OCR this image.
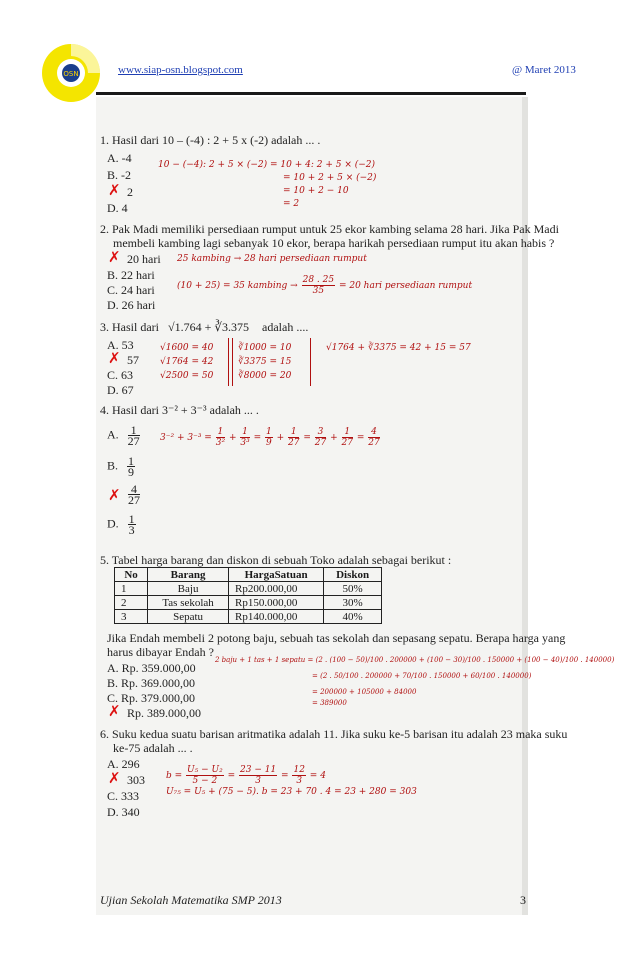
OSN	www.siap-osn.blogspot.com	@ Maret 2013
1. Hasil dari 10 – (-4) : 2 + 5 x (-2) adalah ... .
A. -4
B. -2
✗ 2
D. 4
10 − (−4): 2 + 5 × (−2) = 10 + 4: 2 + 5 × (−2)
= 10 + 2 + 5 × (−2)
= 10 + 2 − 10
= 2
2. Pak Madi memiliki persediaan rumput untuk 25 ekor kambing selama 28 hari. Jika Pak Madi
membeli kambing lagi sebanyak 10 ekor, berapa harikah persediaan rumput itu akan habis ?
✗ 20 hari
B. 22 hari
C. 24 hari
D. 26 hari
25 kambing → 28 hari persediaan rumput
(10 + 25) = 35 kambing → $\frac{28 . 25}{35} = 20$ hari persediaan rumput
3. Hasil dari √1.764 + ∛3.375 adalah ....
A. 53
✗ 57
C. 63
D. 67
√1600 = 40
√1764 = 42
√2500 = 50
∛1000 = 10
∛3375 = 15
∛8000 = 20
√1764 + ∛3375 = 42 + 15 = 57
4. Hasil dari 3⁻² + 3⁻³ adalah ... .
A. $\frac{1}{27}$
B. $\frac{1}{9}$
✗ $\frac{4}{27}$
D. $\frac{1}{3}$
$3^{-2} + 3^{-3} = \frac{1}{\text{3²}} + \frac{1}{\text{3³}} = \frac{1}{9} + \frac{1}{27} = \frac{3}{27} + \frac{1}{27} = \frac{4}{27}$
5. Tabel harga barang dan diskon di sebuah Toko adalah sebagai berikut :
No	Barang	HargaSatuan	Diskon
1	Baju	Rp200.000,00	50%
2	Tas sekolah	Rp150.000,00	30%
3	Sepatu	Rp140.000,00	40%
Jika Endah membeli 2 potong baju, sebuah tas sekolah dan sepasang sepatu. Berapa harga yang
harus dibayar Endah ?
A. Rp. 359.000,00
B. Rp. 369.000,00
C. Rp. 379.000,00
✗ Rp. 389.000,00
2 baju + 1 tas + 1 sepatu = (2 . (100 − 50)/100 . 200000 + (100 − 30)/100 . 150000 + (100 − 40)/100 . 140000)
= (2 . 50/100 . 200000 + 70/100 . 150000 + 60/100 . 140000)
= 200000 + 105000 + 84000
= 389000
6. Suku kedua suatu barisan aritmatika adalah 11. Jika suku ke-5 barisan itu adalah 23 maka suku
ke-75 adalah ... .
A. 296
✗ 303
C. 333
D. 340
$b = \frac{\text{U₅ − U₂}}{5 - 2} = \frac{23 - 11}{3} = \frac{12}{3} = 4$
U₇₅ = U₅ + (75 − 5). b = 23 + 70 . 4 = 23 + 280 = 303
Ujian Sekolah Matematika SMP 2013	3
